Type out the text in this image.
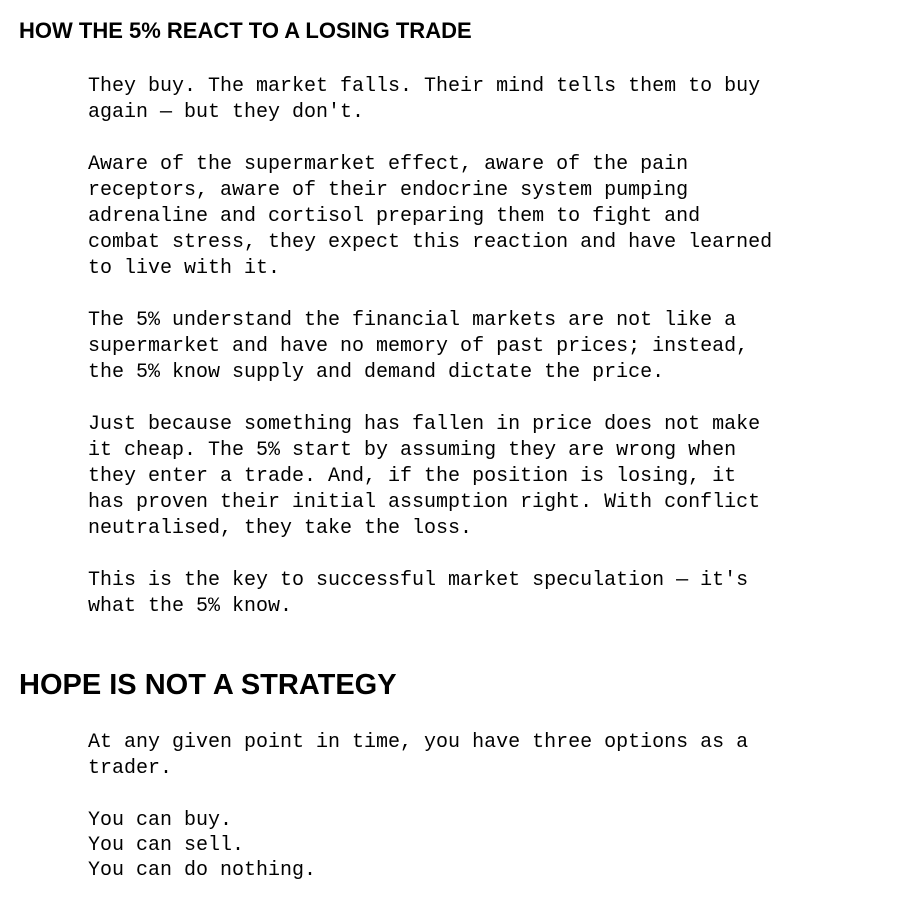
HOW THE 5% REACT TO A LOSING TRADE

They buy. The market falls. Their mind tells them to buy
again — but they don't.

Aware of the supermarket effect, aware of the pain
receptors, aware of their endocrine system pumping
adrenaline and cortisol preparing them to fight and
combat stress, they expect this reaction and have learned
to live with it.

The 5% understand the financial markets are not like a
supermarket and have no memory of past prices; instead,
the 5% know supply and demand dictate the price.

Just because something has fallen in price does not make
it cheap. The 5% start by assuming they are wrong when
they enter a trade. And, if the position is losing, it
has proven their initial assumption right. With conflict
neutralised, they take the loss.

This is the key to successful market speculation — it's
what the 5% know.

HOPE IS NOT A STRATEGY

At any given point in time, you have three options as a
trader.

You can buy.
You can sell.
You can do nothing.
